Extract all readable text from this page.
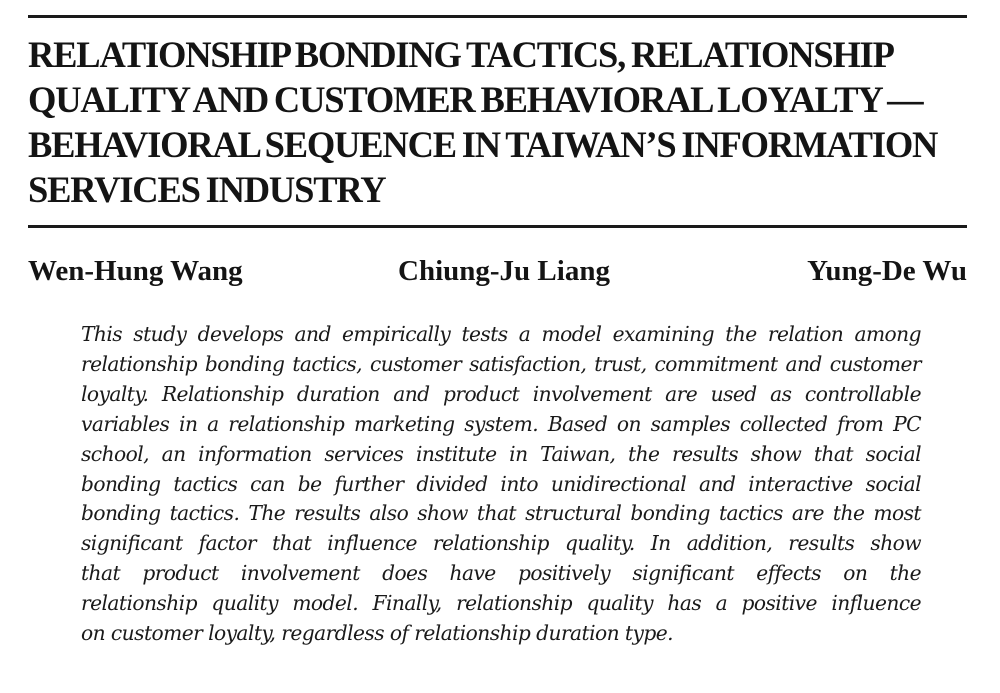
RELATIONSHIP BONDING TACTICS, RELATIONSHIP
QUALITY AND CUSTOMER BEHAVIORAL LOYALTY —
BEHAVIORAL SEQUENCE IN TAIWAN’S INFORMATION
SERVICES INDUSTRY
Wen-Hung Wang	Chiung-Ju Liang	Yung-De Wu
This study develops and empirically tests a model examining the relation among
relationship bonding tactics, customer satisfaction, trust, commitment and customer
loyalty. Relationship duration and product involvement are used as controllable
variables in a relationship marketing system. Based on samples collected from PC
school, an information services institute in Taiwan, the results show that social
bonding tactics can be further divided into unidirectional and interactive social
bonding tactics. The results also show that structural bonding tactics are the most
significant factor that influence relationship quality. In addition, results show
that product involvement does have positively significant effects on the
relationship quality model. Finally, relationship quality has a positive influence
on customer loyalty, regardless of relationship duration type.
